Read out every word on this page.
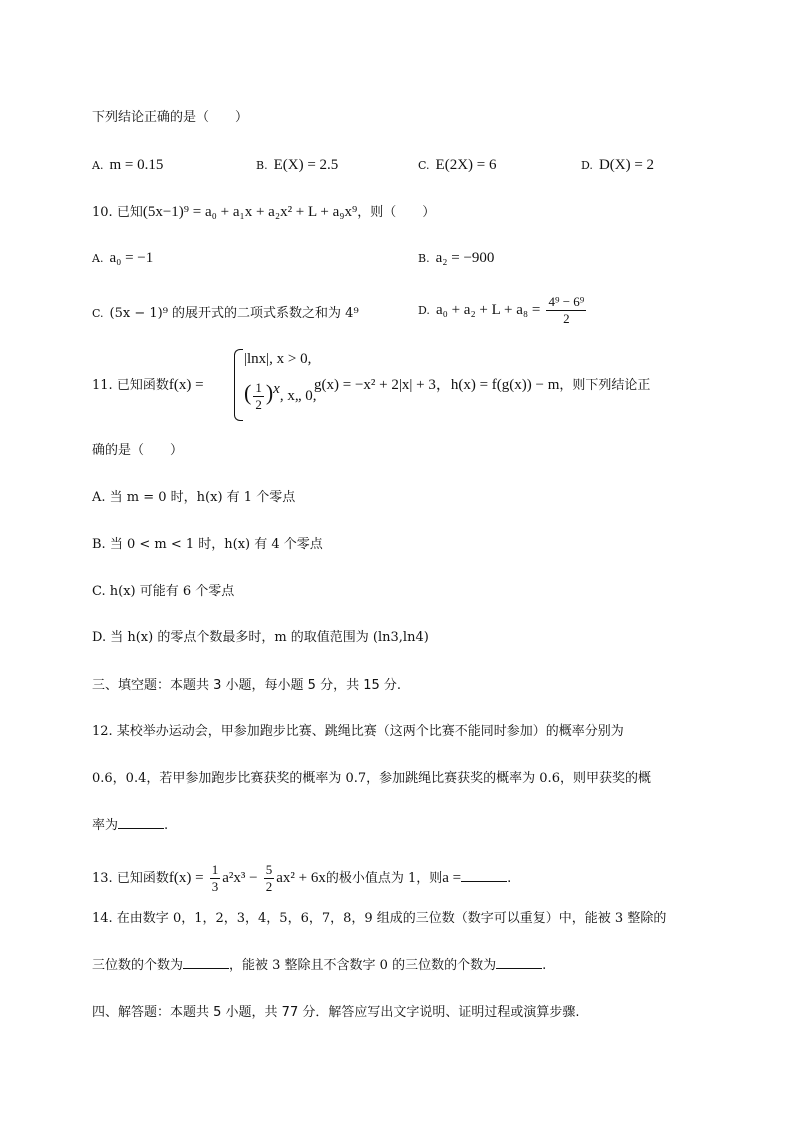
下列结论正确的是（　　）
A. m = 0.15	B. E(X) = 2.5	C. E(2X) = 6	D. D(X) = 2
10. 已知(5x−1)⁹ = a₀ + a₁x + a₂x² + L + a₉x⁹，则（　　）
A. a₀ = −1	B. a₂ = −900
C. (5x − 1)⁹ 的展开式的二项式系数之和为 4⁹	D. $a_0 + a_2 + L + a_8 = \frac{\text{4⁹ − 6⁹}}{2}$
11. 已知函数f(x) =
|lnx|, x > 0,
( $\frac{1}{2} )^x$, x„ 0,
g(x) = −x² + 2|x| + 3，h(x) = f(g(x)) − m，则下列结论正
确的是（　　）
A. 当 m = 0 时，h(x) 有 1 个零点
B. 当 0 < m < 1 时，h(x) 有 4 个零点
C. h(x) 可能有 6 个零点
D. 当 h(x) 的零点个数最多时，m 的取值范围为 (ln3,ln4)
三、填空题：本题共 3 小题，每小题 5 分，共 15 分.
12. 某校举办运动会，甲参加跑步比赛、跳绳比赛（这两个比赛不能同时参加）的概率分别为
0.6，0.4，若甲参加跑步比赛获奖的概率为 0.7，参加跳绳比赛获奖的概率为 0.6，则甲获奖的概
率为	.
13. 已知函数$f(x) = \frac{1}{3} a^2x^3 - \frac{5}{2} ax^2 + 6x$的极小值点为 1，则a =	.
14. 在由数字 0，1，2，3，4，5，6，7，8，9 组成的三位数（数字可以重复）中，能被 3 整除的
三位数的个数为	，能被 3 整除且不含数字 0 的三位数的个数为	.
四、解答题：本题共 5 小题，共 77 分．解答应写出文字说明、证明过程或演算步骤.
